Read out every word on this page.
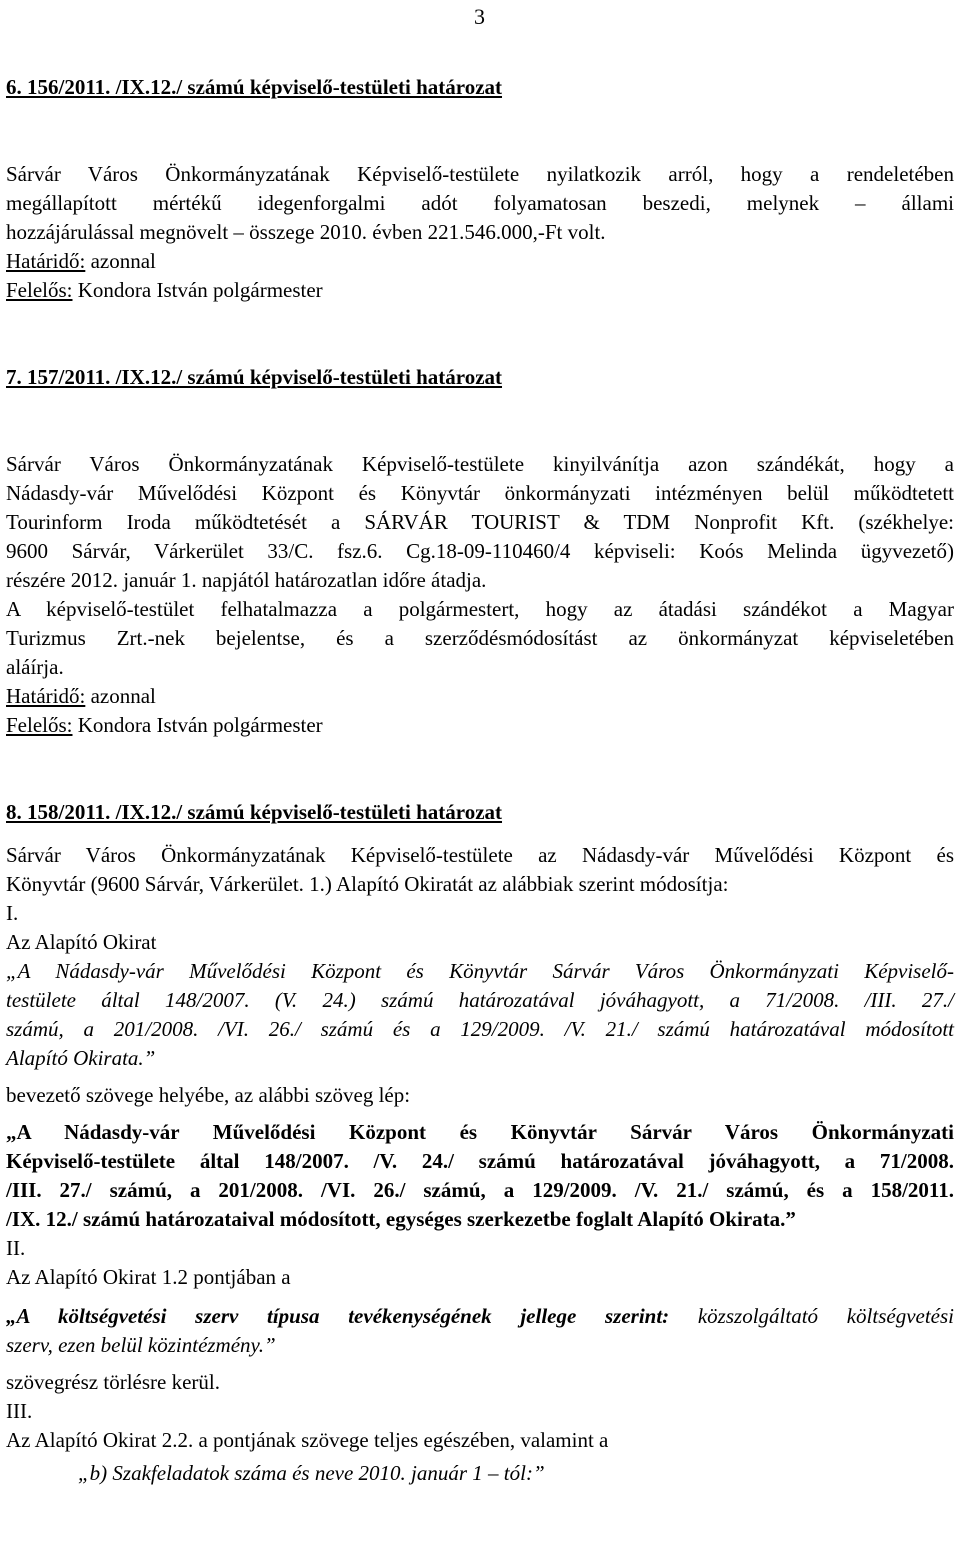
3

6. 156/2011. /IX.12./ számú képviselő-testületi határozat

Sárvár Város Önkormányzatának Képviselő-testülete nyilatkozik arról, hogy a rendeletében

megállapított mértékű idegenforgalmi adót folyamatosan beszedi, melynek – állami

hozzájárulással megnövelt – összege 2010. évben 221.546.000,-Ft volt.

Határidő: azonnal

Felelős: Kondora István polgármester

7. 157/2011. /IX.12./ számú képviselő-testületi határozat

Sárvár Város Önkormányzatának Képviselő-testülete kinyilvánítja azon szándékát, hogy a

Nádasdy-vár Művelődési Központ és Könyvtár önkormányzati intézményen belül működtetett

Tourinform Iroda működtetését a SÁRVÁR TOURIST & TDM Nonprofit Kft. (székhelye:

9600 Sárvár, Várkerület 33/C. fsz.6. Cg.18-09-110460/4 képviseli: Koós Melinda ügyvezető)

részére 2012. január 1. napjától határozatlan időre átadja.

A képviselő-testület felhatalmazza a polgármestert, hogy az átadási szándékot a Magyar

Turizmus Zrt.-nek bejelentse, és a szerződésmódosítást az önkormányzat képviseletében

aláírja.

Határidő: azonnal

Felelős: Kondora István polgármester

8. 158/2011. /IX.12./ számú képviselő-testületi határozat

Sárvár Város Önkormányzatának Képviselő-testülete az Nádasdy-vár Művelődési Központ és

Könyvtár (9600 Sárvár, Várkerület. 1.) Alapító Okiratát az alábbiak szerint módosítja:

I.

Az Alapító Okirat

„A Nádasdy-vár Művelődési Központ és Könyvtár Sárvár Város Önkormányzati Képviselő-

testülete által 148/2007. (V. 24.) számú határozatával jóváhagyott, a 71/2008. /III. 27./

számú, a 201/2008. /VI. 26./ számú és a 129/2009. /V. 21./ számú határozatával módosított

Alapító Okirata.”

bevezető szövege helyébe, az alábbi szöveg lép:

„A Nádasdy-vár Művelődési Központ és Könyvtár Sárvár Város Önkormányzati

Képviselő-testülete által 148/2007. /V. 24./ számú határozatával jóváhagyott, a 71/2008.

/III. 27./ számú, a 201/2008. /VI. 26./ számú, a 129/2009. /V. 21./ számú, és a 158/2011.

/IX. 12./ számú határozataival módosított, egységes szerkezetbe foglalt Alapító Okirata.”

II.

Az Alapító Okirat 1.2 pontjában a

„A költségvetési szerv típusa tevékenységének jellege szerint: közszolgáltató költségvetési

szerv, ezen belül közintézmény.”

szövegrész törlésre kerül.

III.

Az Alapító Okirat 2.2. a pontjának szövege teljes egészében, valamint a

„b) Szakfeladatok száma és neve 2010. január 1 – tól:”
